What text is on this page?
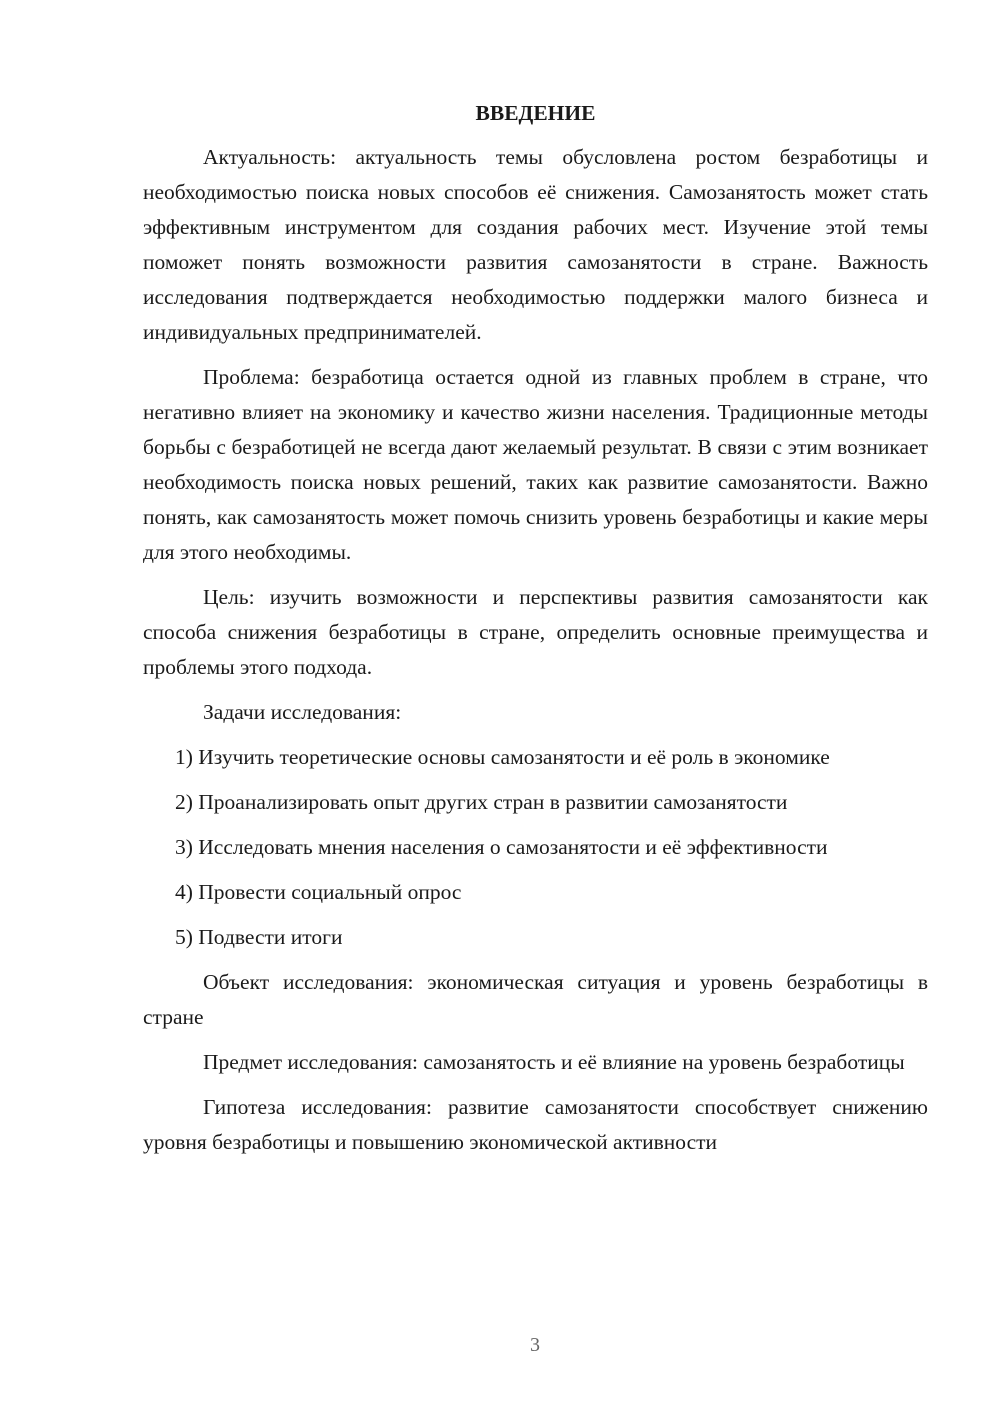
ВВЕДЕНИЕ

Актуальность: актуальность темы обусловлена ростом безработицы и необходимостью поиска новых способов её снижения. Самозанятость может стать эффективным инструментом для создания рабочих мест. Изучение этой темы поможет понять возможности развития самозанятости в стране. Важность исследования подтверждается необходимостью поддержки малого бизнеса и индивидуальных предпринимателей.

Проблема: безработица остается одной из главных проблем в стране, что негативно влияет на экономику и качество жизни населения. Традиционные методы борьбы с безработицей не всегда дают желаемый результат. В связи с этим возникает необходимость поиска новых решений, таких как развитие самозанятости. Важно понять, как самозанятость может помочь снизить уровень безработицы и какие меры для этого необходимы.

Цель: изучить возможности и перспективы развития самозанятости как способа снижения безработицы в стране, определить основные преимущества и проблемы этого подхода.

Задачи исследования:

1) Изучить теоретические основы самозанятости и её роль в экономике

2) Проанализировать опыт других стран в развитии самозанятости

3) Исследовать мнения населения о самозанятости и её эффективности

4) Провести социальный опрос

5) Подвести итоги

Объект исследования: экономическая ситуация и уровень безработицы в стране

Предмет исследования: самозанятость и её влияние на уровень безработицы

Гипотеза исследования: развитие самозанятости способствует снижению уровня безработицы и повышению экономической активности

3
